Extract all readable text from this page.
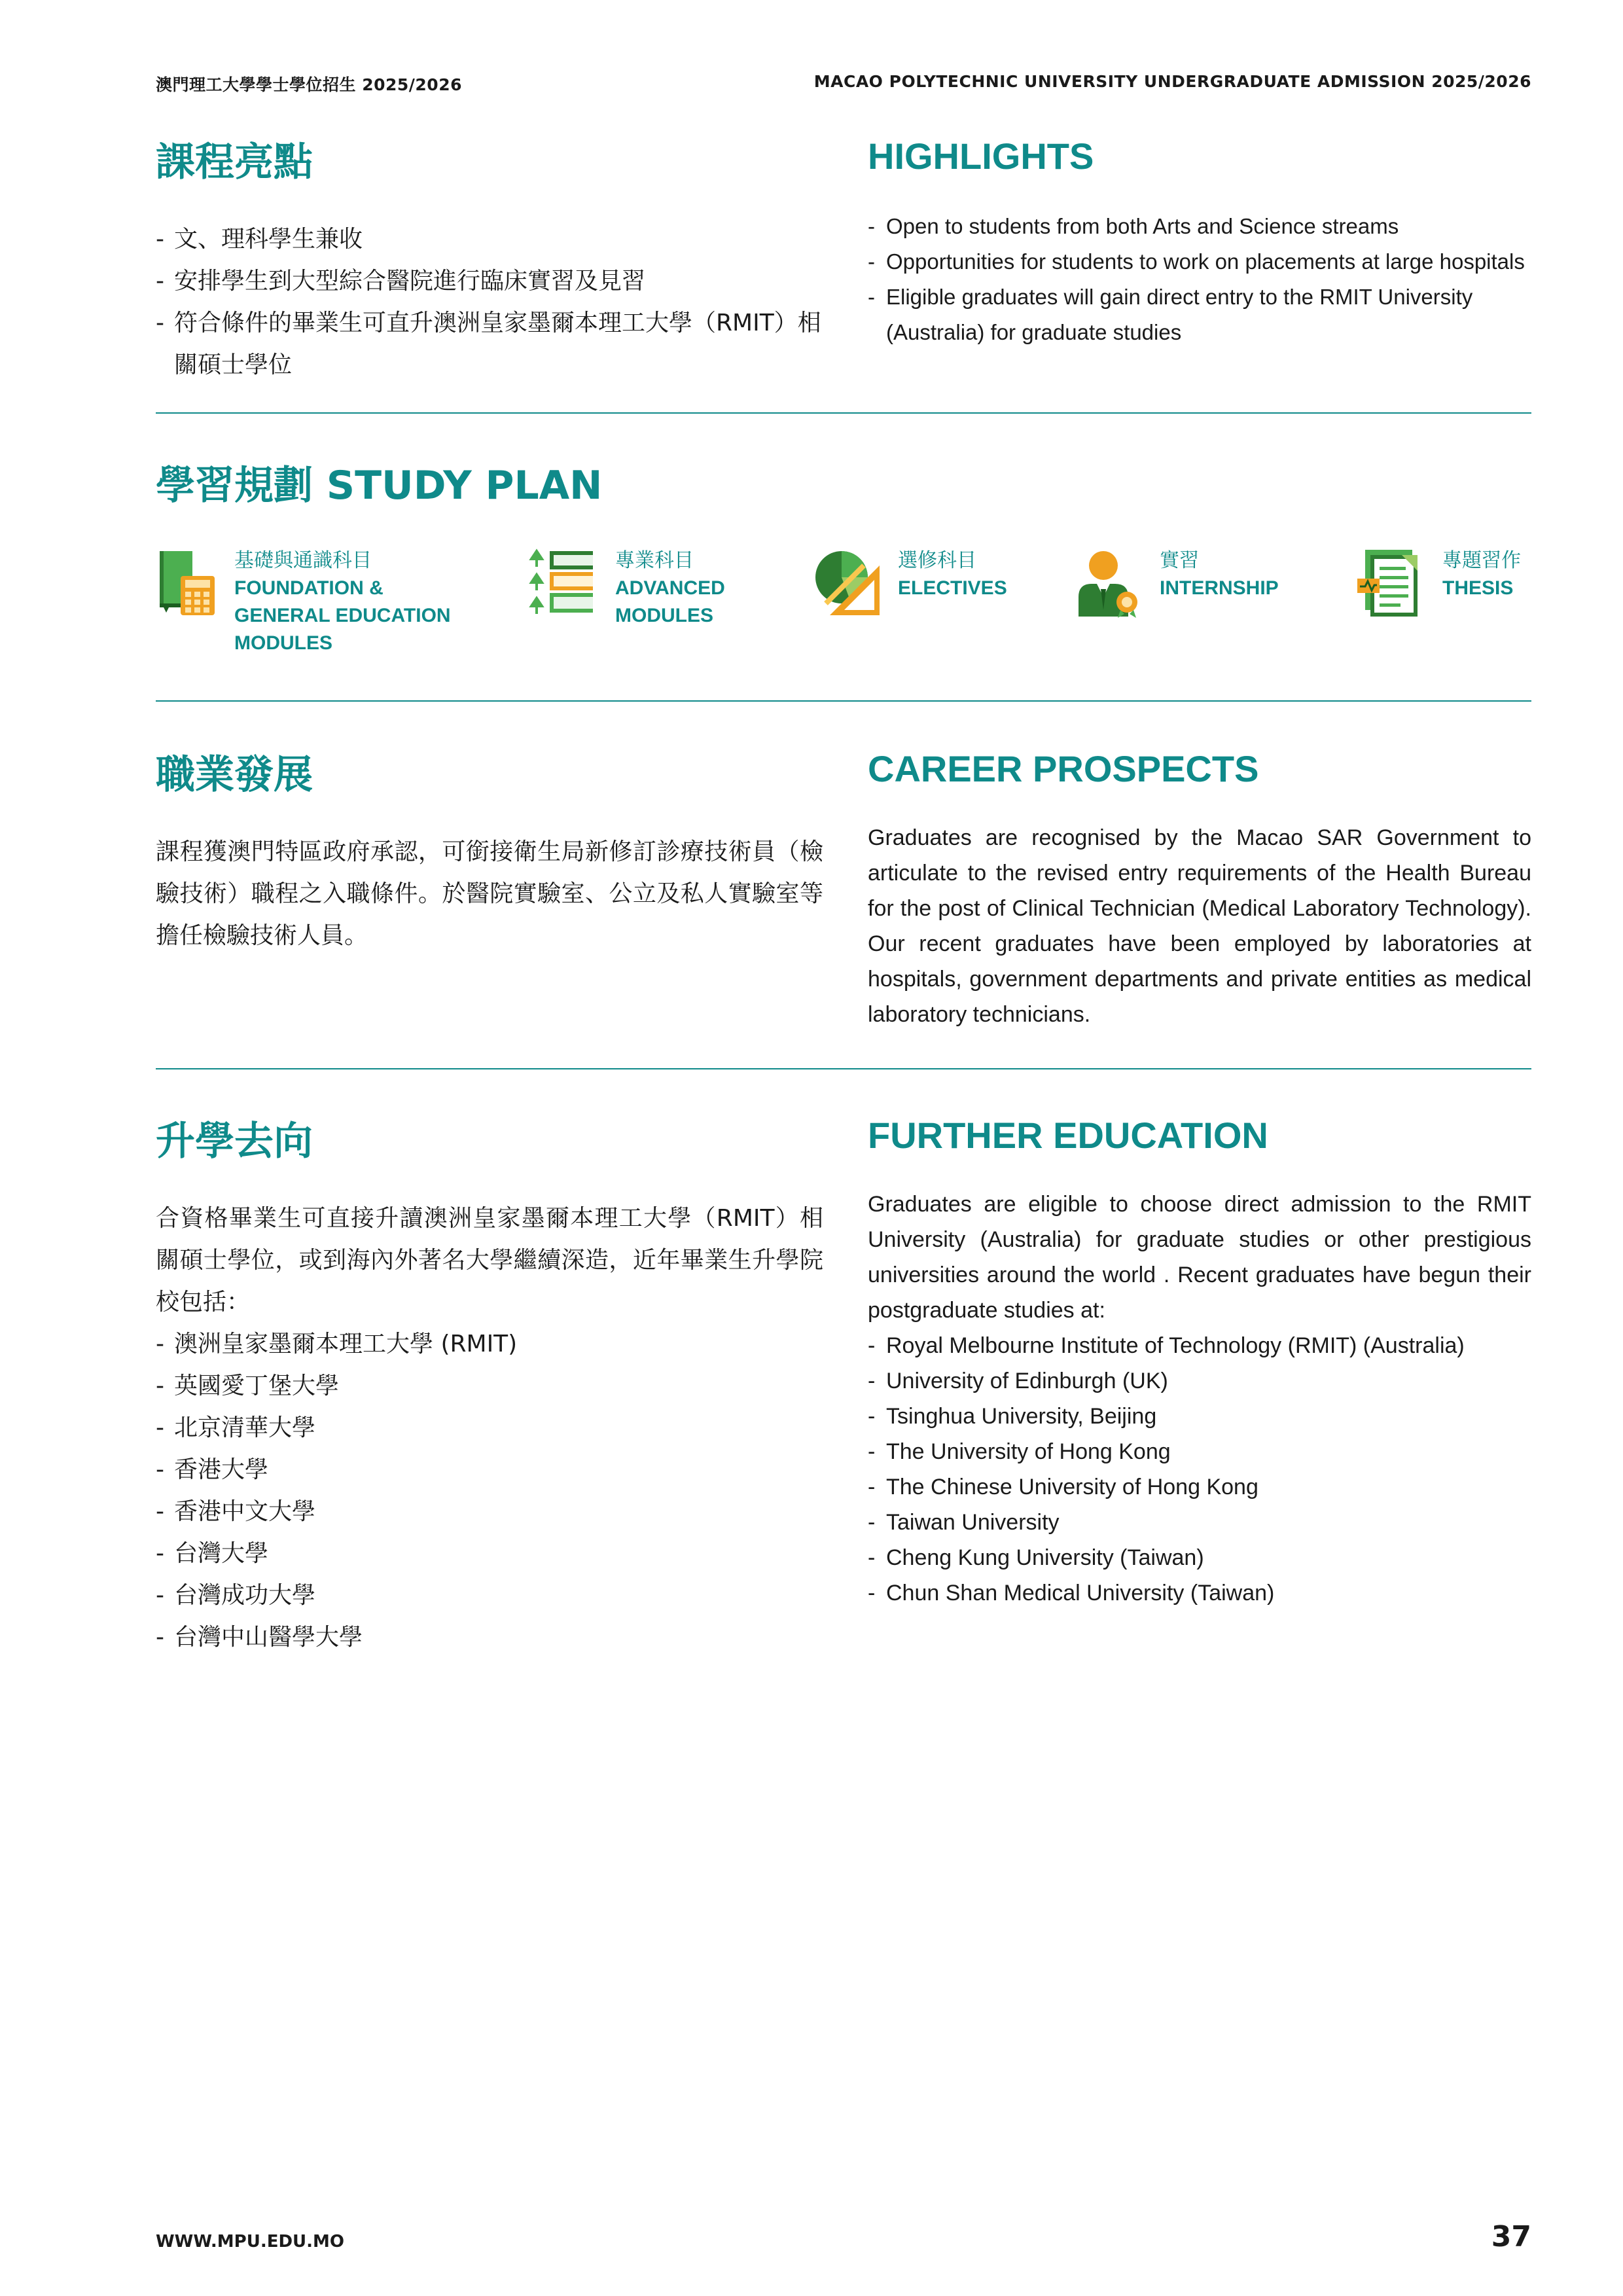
澳門理工大學學士學位招生 2025/2026	MACAO POLYTECHNIC UNIVERSITY UNDERGRADUATE ADMISSION 2025/2026
課程亮點
- 文、理科學生兼收
- 安排學生到大型綜合醫院進行臨床實習及見習
- 符合條件的畢業生可直升澳洲皇家墨爾本理工大學（RMIT）相關碩士學位
HIGHLIGHTS
- Open to students from both Arts and Science streams
- Opportunities for students to work on placements at large hospitals
- Eligible graduates will gain direct entry to the RMIT University (Australia) for graduate studies
學習規劃 STUDY PLAN
基礎與通識科目
FOUNDATION & GENERAL EDUCATION MODULES
專業科目
ADVANCED MODULES
選修科目
ELECTIVES
實習
INTERNSHIP
專題習作
THESIS
職業發展

課程獲澳門特區政府承認，可銜接衛生局新修訂診療技術員（檢驗技術）職程之入職條件。於醫院實驗室、公立及私人實驗室等擔任檢驗技術人員。

CAREER PROSPECTS

Graduates are recognised by the Macao SAR Government to articulate to the revised entry requirements of the Health Bureau for the post of Clinical Technician (Medical Laboratory Technology). Our recent graduates have been employed by laboratories at hospitals, government departments and private entities as medical laboratory technicians.

升學去向

合資格畢業生可直接升讀澳洲皇家墨爾本理工大學（RMIT）相關碩士學位，或到海內外著名大學繼續深造，近年畢業生升學院校包括：

- 澳洲皇家墨爾本理工大學 (RMIT)
- 英國愛丁堡大學
- 北京清華大學
- 香港大學
- 香港中文大學
- 台灣大學
- 台灣成功大學
- 台灣中山醫學大學
FURTHER EDUCATION

Graduates are eligible to choose direct admission to the RMIT University (Australia) for graduate studies or other prestigious universities around the world . Recent graduates have begun their postgraduate studies at:

- Royal Melbourne Institute of Technology (RMIT) (Australia)
- University of Edinburgh (UK)
- Tsinghua University, Beijing
- The University of Hong Kong
- The Chinese University of Hong Kong
- Taiwan University
- Cheng Kung University (Taiwan)
- Chun Shan Medical University (Taiwan)
WWW.MPU.EDU.MO	37
